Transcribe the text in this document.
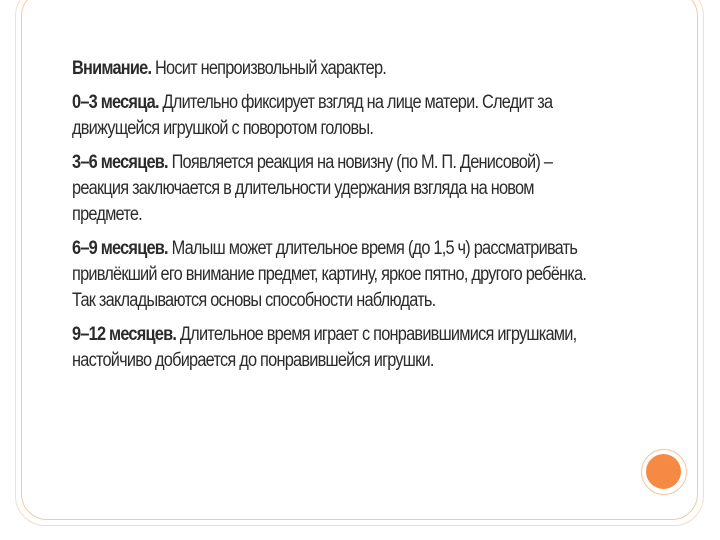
Внимание. Носит непроизвольный характер.

0–3 месяца. Длительно фиксирует взгляд на лице матери. Следит за движущейся игрушкой с поворотом головы.

3–6 месяцев. Появляется реакция на новизну (по М. П. Денисовой) – реакция заключается в длительности удержания взгляда на новом предмете.

6–9 месяцев. Малыш может длительное время (до 1,5 ч) рассматривать привлёкший его внимание предмет, картину, яркое пятно, другого ребёнка. Так закладываются основы способности наблюдать.

9–12 месяцев. Длительное время играет с понравившимися игрушками, настойчиво добирается до понравившейся игрушки.
